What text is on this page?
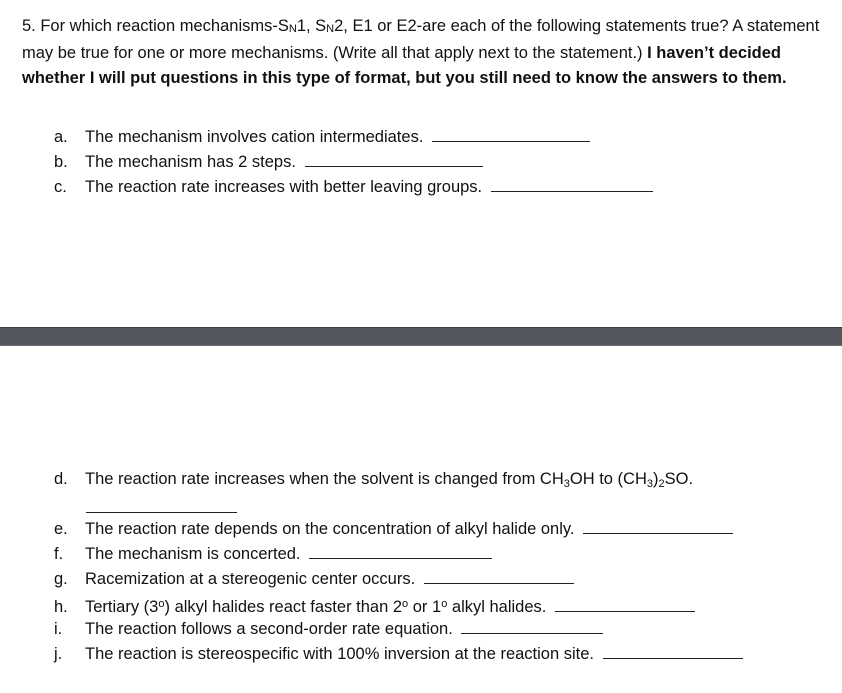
5. For which reaction mechanisms-SN1, SN2, E1 or E2-are each of the following statements true? A statement may be true for one or more mechanisms. (Write all that apply next to the statement.) I haven’t decided whether I will put questions in this type of format, but you still need to know the answers to them.
a. The mechanism involves cation intermediates.
b. The mechanism has 2 steps.
c. The reaction rate increases with better leaving groups.
d. The reaction rate increases when the solvent is changed from CH3OH to (CH3)2SO.
e. The reaction rate depends on the concentration of alkyl halide only.
f. The mechanism is concerted.
g. Racemization at a stereogenic center occurs.
h. Tertiary (3$^o$) alkyl halides react faster than 2$^o$ or 1$^o$ alkyl halides.
i. The reaction follows a second-order rate equation.
j. The reaction is stereospecific with 100% inversion at the reaction site.
